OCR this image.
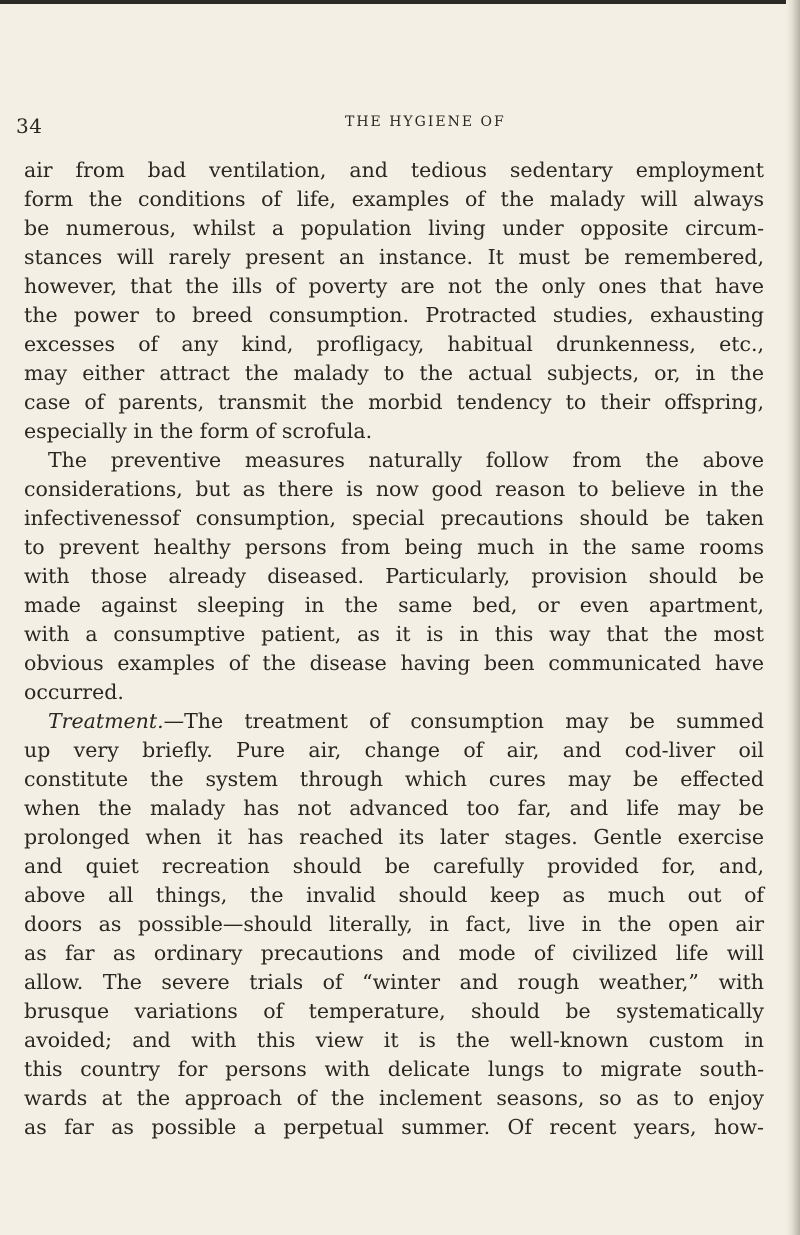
34	THE HYGIENE OF
air from bad ventilation, and tedious sedentary employment
form the conditions of life, examples of the malady will always
be numerous, whilst a population living under opposite circum-
stances will rarely present an instance. It must be remembered,
however, that the ills of poverty are not the only ones that have
the power to breed consumption. Protracted studies, exhausting
excesses of any kind, profligacy, habitual drunkenness, etc.,
may either attract the malady to the actual subjects, or, in the
case of parents, transmit the morbid tendency to their offspring,
especially in the form of scrofula.
The preventive measures naturally follow from the above
considerations, but as there is now good reason to believe in the
infectivenessof consumption, special precautions should be taken
to prevent healthy persons from being much in the same rooms
with those already diseased. Particularly, provision should be
made against sleeping in the same bed, or even apartment,
with a consumptive patient, as it is in this way that the most
obvious examples of the disease having been communicated have
occurred.
Treatment.—The treatment of consumption may be summed
up very briefly. Pure air, change of air, and cod-liver oil
constitute the system through which cures may be effected
when the malady has not advanced too far, and life may be
prolonged when it has reached its later stages. Gentle exercise
and quiet recreation should be carefully provided for, and,
above all things, the invalid should keep as much out of
doors as possible—should literally, in fact, live in the open air
as far as ordinary precautions and mode of civilized life will
allow. The severe trials of “winter and rough weather,” with
brusque variations of temperature, should be systematically
avoided; and with this view it is the well-known custom in
this country for persons with delicate lungs to migrate south-
wards at the approach of the inclement seasons, so as to enjoy
as far as possible a perpetual summer. Of recent years, how-
